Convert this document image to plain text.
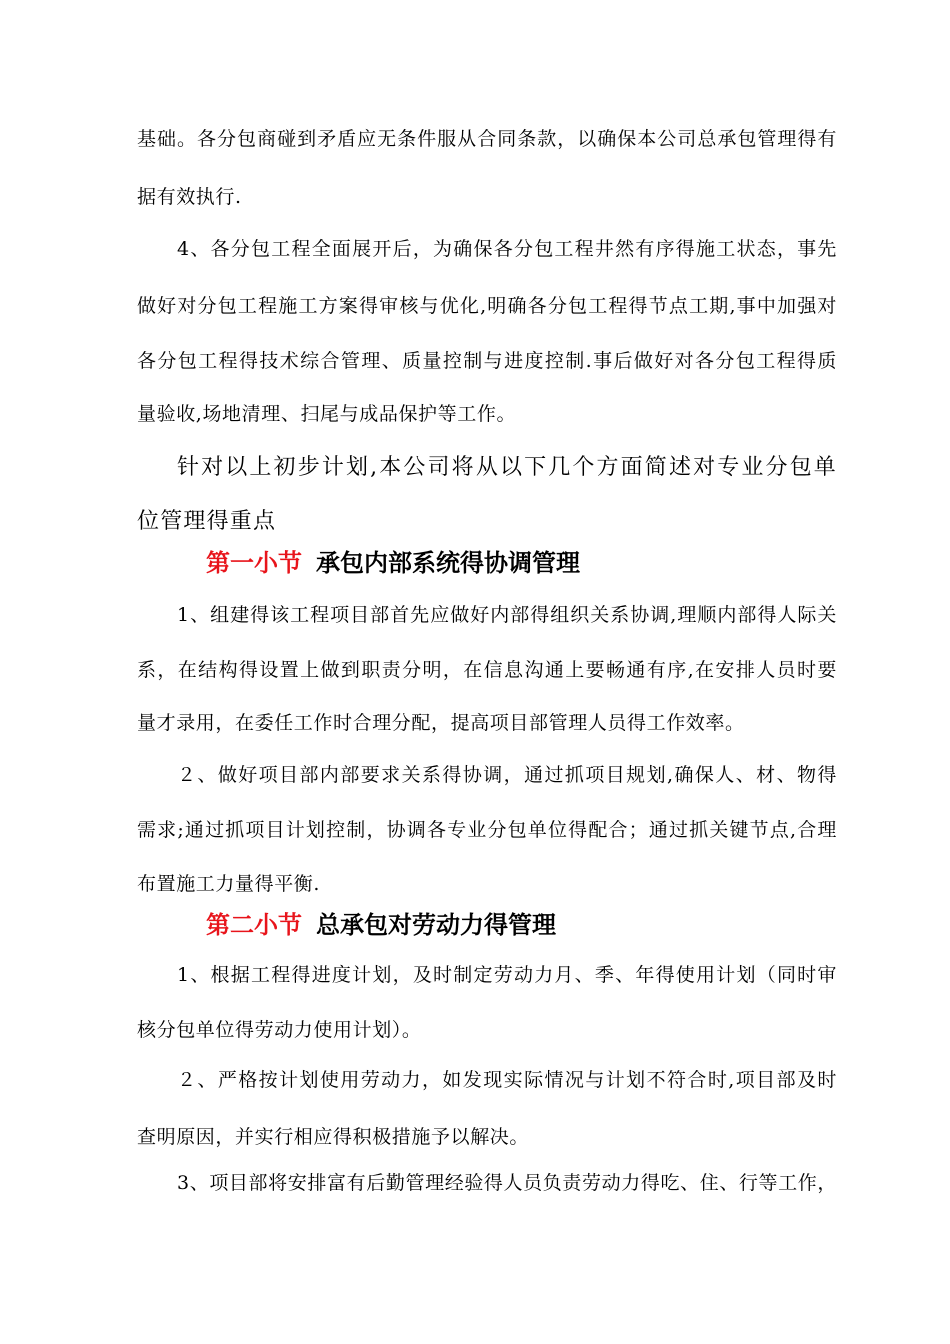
基础。各分包商碰到矛盾应无条件服从合同条款，以确保本公司总承包管理得有
据有效执行.
4、各分包工程全面展开后，为确保各分包工程井然有序得施工状态，事先
做好对分包工程施工方案得审核与优化,明确各分包工程得节点工期,事中加强对
各分包工程得技术综合管理、质量控制与进度控制.事后做好对各分包工程得质
量验收,场地清理、扫尾与成品保护等工作。
针对以上初步计划,本公司将从以下几个方面简述对专业分包单
位管理得重点
第一小节 承包内部系统得协调管理
1、组建得该工程项目部首先应做好内部得组织关系协调,理顺内部得人际关
系，在结构得设置上做到职责分明，在信息沟通上要畅通有序,在安排人员时要
量才录用，在委任工作时合理分配，提高项目部管理人员得工作效率。
２、做好项目部内部要求关系得协调，通过抓项目规划,确保人、材、物得
需求;通过抓项目计划控制，协调各专业分包单位得配合；通过抓关键节点,合理
布置施工力量得平衡.
第二小节 总承包对劳动力得管理
1、根据工程得进度计划，及时制定劳动力月、季、年得使用计划（同时审
核分包单位得劳动力使用计划）。
２、严格按计划使用劳动力，如发现实际情况与计划不符合时,项目部及时
查明原因，并实行相应得积极措施予以解决。
3、项目部将安排富有后勤管理经验得人员负责劳动力得吃、住、行等工作，
